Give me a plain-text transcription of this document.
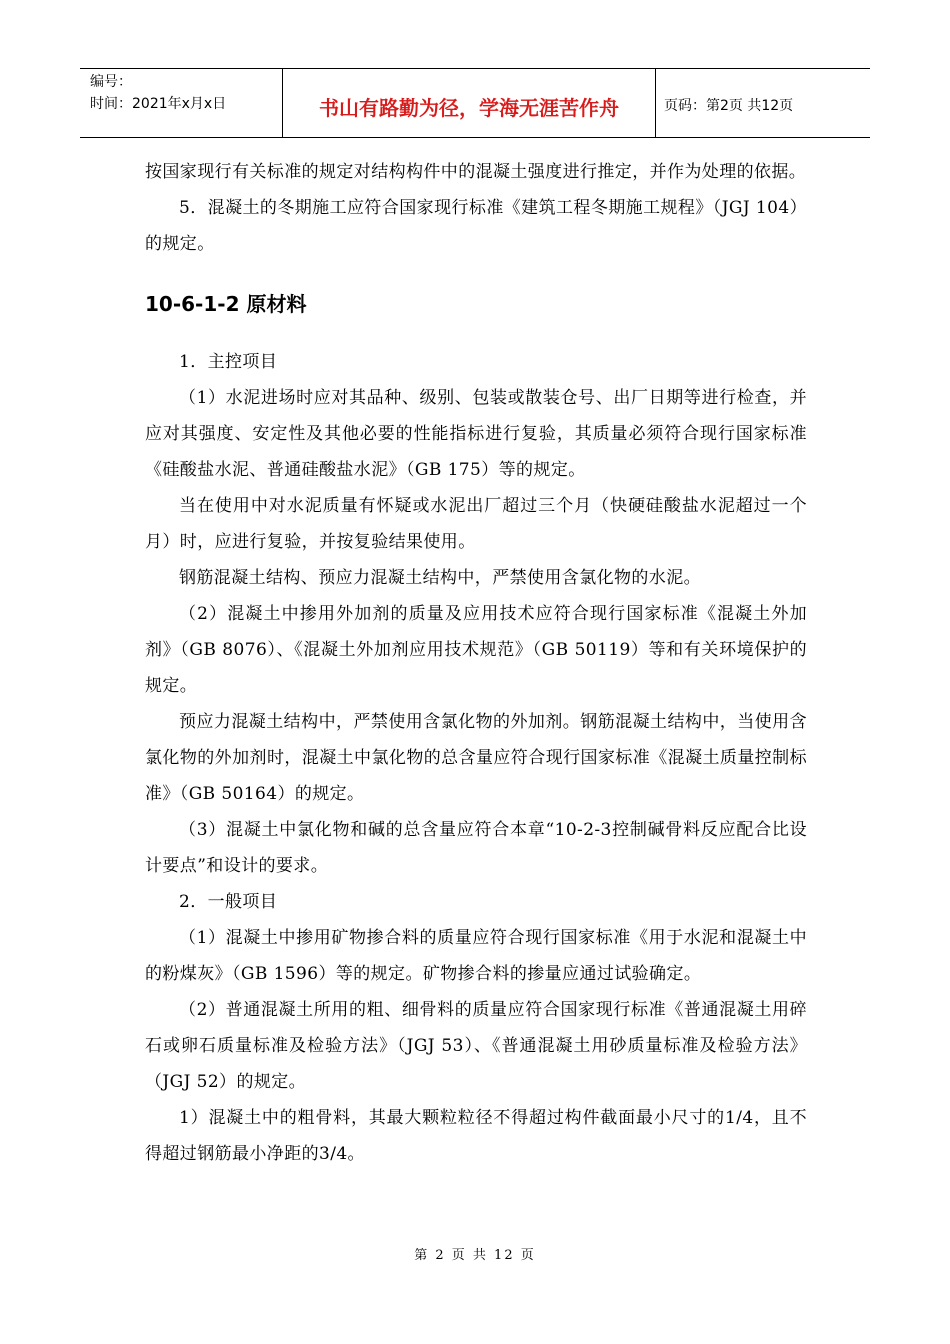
编号：
时间：2021年x月x日	书山有路勤为径，学海无涯苦作舟	页码：第2页 共12页

按国家现行有关标准的规定对结构构件中的混凝土强度进行推定，并作为处理的依据。

5．混凝土的冬期施工应符合国家现行标准《建筑工程冬期施工规程》（JGJ 104）的规定。

10-6-1-2 原材料

1．主控项目

（1）水泥进场时应对其品种、级别、包装或散装仓号、出厂日期等进行检查，并应对其强度、安定性及其他必要的性能指标进行复验，其质量必须符合现行国家标准《硅酸盐水泥、普通硅酸盐水泥》（GB 175）等的规定。

当在使用中对水泥质量有怀疑或水泥出厂超过三个月（快硬硅酸盐水泥超过一个月）时，应进行复验，并按复验结果使用。

钢筋混凝土结构、预应力混凝土结构中，严禁使用含氯化物的水泥。

（2）混凝土中掺用外加剂的质量及应用技术应符合现行国家标准《混凝土外加剂》（GB 8076）、《混凝土外加剂应用技术规范》（GB 50119）等和有关环境保护的规定。

预应力混凝土结构中，严禁使用含氯化物的外加剂。钢筋混凝土结构中，当使用含氯化物的外加剂时，混凝土中氯化物的总含量应符合现行国家标准《混凝土质量控制标准》（GB 50164）的规定。

（3）混凝土中氯化物和碱的总含量应符合本章“10-2-3控制碱骨料反应配合比设计要点”和设计的要求。

2．一般项目

（1）混凝土中掺用矿物掺合料的质量应符合现行国家标准《用于水泥和混凝土中的粉煤灰》（GB 1596）等的规定。矿物掺合料的掺量应通过试验确定。

（2）普通混凝土所用的粗、细骨料的质量应符合国家现行标准《普通混凝土用碎石或卵石质量标准及检验方法》（JGJ 53）、《普通混凝土用砂质量标准及检验方法》（JGJ 52）的规定。

1）混凝土中的粗骨料，其最大颗粒粒径不得超过构件截面最小尺寸的1/4，且不得超过钢筋最小净距的3/4。

第 2 页 共 12 页
